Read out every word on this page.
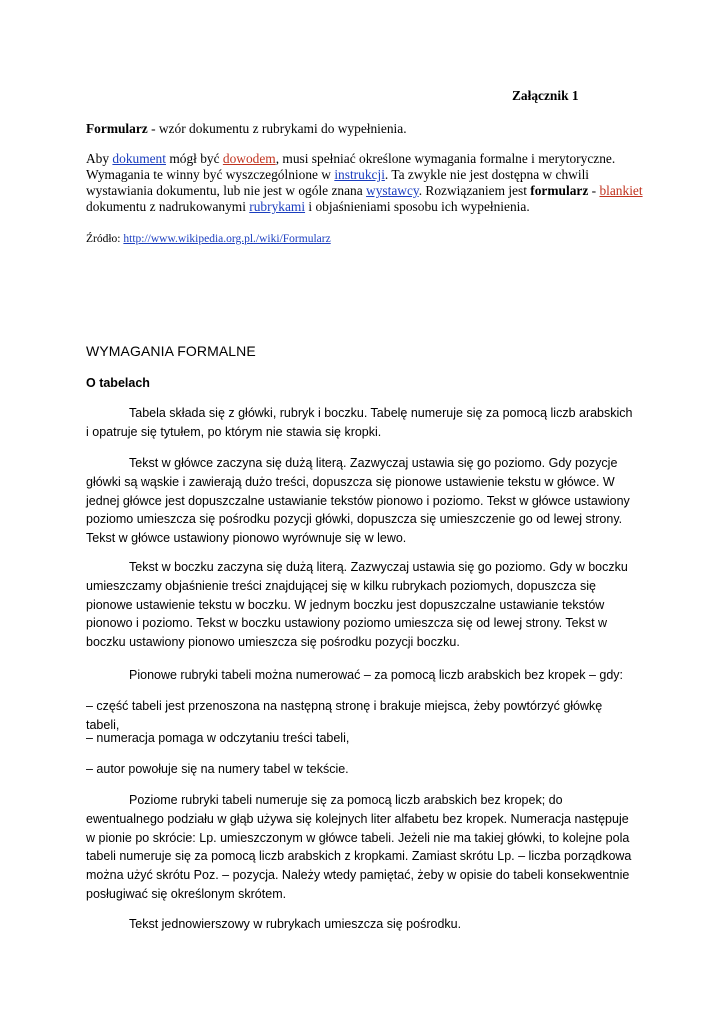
Załącznik 1

Formularz - wzór dokumentu z rubrykami do wypełnienia.

Aby dokument mógł być dowodem, musi spełniać określone wymagania formalne i merytoryczne. Wymagania te winny być wyszczególnione w instrukcji. Ta zwykle nie jest dostępna w chwili wystawiania dokumentu, lub nie jest w ogóle znana wystawcy. Rozwiązaniem jest formularz - blankiet dokumentu z nadrukowanymi rubrykami i objaśnieniami sposobu ich wypełnienia.

Źródło: http://www.wikipedia.org.pl./wiki/Formularz

WYMAGANIA FORMALNE
O tabelach

Tabela składa się z główki, rubryk i boczku. Tabelę numeruje się za pomocą liczb arabskich i opatruje się tytułem, po którym nie stawia się kropki.

Tekst w główce zaczyna się dużą literą. Zazwyczaj ustawia się go poziomo. Gdy pozycje główki są wąskie i zawierają dużo treści, dopuszcza się pionowe ustawienie tekstu w główce. W jednej główce jest dopuszczalne ustawianie tekstów pionowo i poziomo. Tekst w główce ustawiony poziomo umieszcza się pośrodku pozycji główki, dopuszcza się umieszczenie go od lewej strony. Tekst w główce ustawiony pionowo wyrównuje się w lewo.

Tekst w boczku zaczyna się dużą literą. Zazwyczaj ustawia się go poziomo. Gdy w boczku umieszczamy objaśnienie treści znajdującej się w kilku rubrykach poziomych, dopuszcza się pionowe ustawienie tekstu w boczku. W jednym boczku jest dopuszczalne ustawianie tekstów pionowo i poziomo. Tekst w boczku ustawiony poziomo umieszcza się od lewej strony. Tekst w boczku ustawiony pionowo umieszcza się pośrodku pozycji boczku.

Pionowe rubryki tabeli można numerować – za pomocą liczb arabskich bez kropek – gdy:

– część tabeli jest przenoszona na następną stronę i brakuje miejsca, żeby powtórzyć główkę tabeli,

– numeracja pomaga w odczytaniu treści tabeli,

– autor powołuje się na numery tabel w tekście.

Poziome rubryki tabeli numeruje się za pomocą liczb arabskich bez kropek; do ewentualnego podziału w głąb używa się kolejnych liter alfabetu bez kropek. Numeracja następuje w pionie po skrócie: Lp. umieszczonym w główce tabeli. Jeżeli nie ma takiej główki, to kolejne pola tabeli numeruje się za pomocą liczb arabskich z kropkami. Zamiast skrótu Lp. – liczba porządkowa można użyć skrótu Poz. – pozycja. Należy wtedy pamiętać, żeby w opisie do tabeli konsekwentnie posługiwać się określonym skrótem.

Tekst jednowierszowy w rubrykach umieszcza się pośrodku.
